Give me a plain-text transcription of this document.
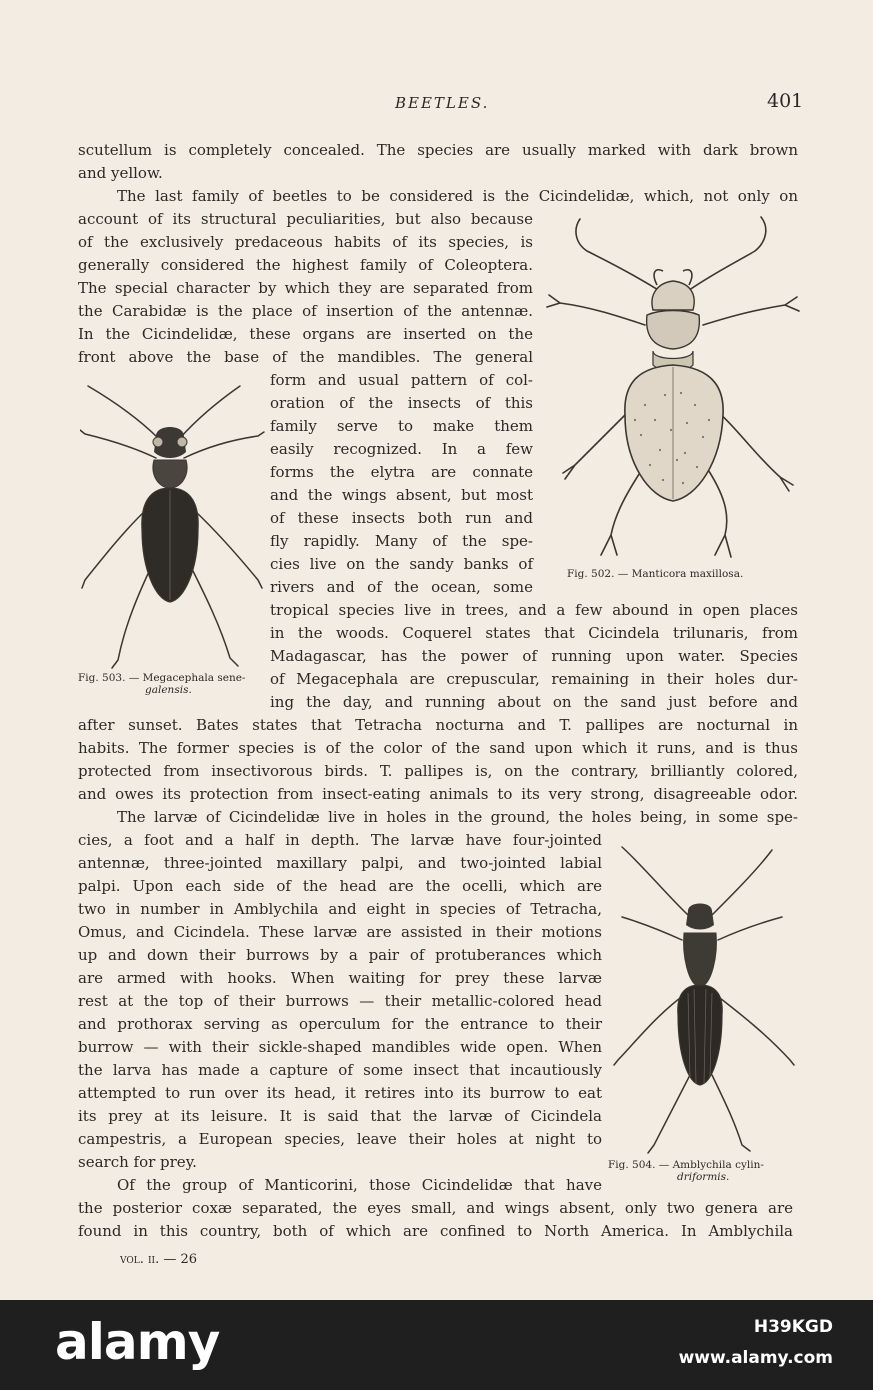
BEETLES.	401
scutellum is completely concealed. The species are usually marked with dark brown
and yellow.
The last family of beetles to be considered is the Cicindelidæ, which, not only on
account of its structural peculiarities, but also because
of the exclusively predaceous habits of its species, is
generally considered the highest family of Coleoptera.
The special character by which they are separated from
the Carabidæ is the place of insertion of the antennæ.
In the Cicindelidæ, these organs are inserted on the
front above the base of the mandibles. The general
form and usual pattern of col-
oration of the insects of this
family serve to make them
easily recognized. In a few
forms the elytra are connate
and the wings absent, but most
of these insects both run and
fly rapidly. Many of the spe-
cies live on the sandy banks of
rivers and of the ocean, some
tropical species live in trees, and a few abound in open places
in the woods. Coquerel states that Cicindela trilunaris, from
Madagascar, has the power of running upon water. Species
of Megacephala are crepuscular, remaining in their holes dur-
ing the day, and running about on the sand just before and
after sunset. Bates states that Tetracha nocturna and T. pallipes are nocturnal in
habits. The former species is of the color of the sand upon which it runs, and is thus
protected from insectivorous birds. T. pallipes is, on the contrary, brilliantly colored,
and owes its protection from insect-eating animals to its very strong, disagreeable odor.
The larvæ of Cicindelidæ live in holes in the ground, the holes being, in some spe-
cies, a foot and a half in depth. The larvæ have four-jointed
antennæ, three-jointed maxillary palpi, and two-jointed labial
palpi. Upon each side of the head are the ocelli, which are
two in number in Amblychila and eight in species of Tetracha,
Omus, and Cicindela. These larvæ are assisted in their motions
up and down their burrows by a pair of protuberances which
are armed with hooks. When waiting for prey these larvæ
rest at the top of their burrows — their metallic-colored head
and prothorax serving as operculum for the entrance to their
burrow — with their sickle-shaped mandibles wide open. When
the larva has made a capture of some insect that incautiously
attempted to run over its head, it retires into its burrow to eat
its prey at its leisure. It is said that the larvæ of Cicindela
campestris, a European species, leave their holes at night to
search for prey.
Of the group of Manticorini, those Cicindelidæ that have
the posterior coxæ separated, the eyes small, and wings absent, only two genera are
found in this country, both of which are confined to North America. In Amblychila
vol. ii. — 26
Fig. 502. — Manticora maxillosa.
Fig. 503. — Megacephala sene-
galensis.
Fig. 504. — Amblychila cylin-
driformis.
alamy	H39KGD
www.alamy.com
